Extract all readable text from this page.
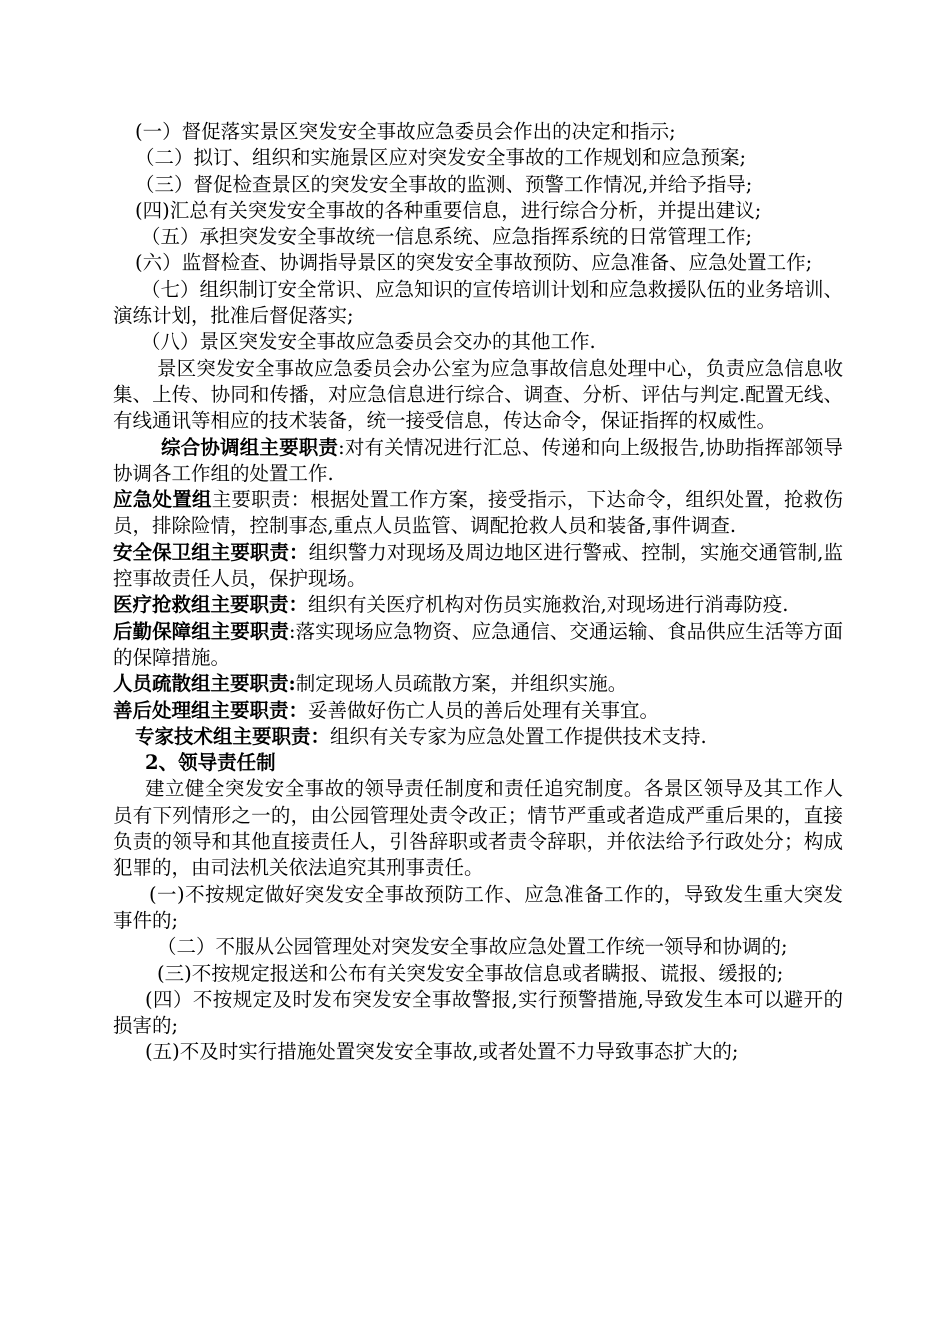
(一）督促落实景区突发安全事故应急委员会作出的决定和指示;

（二）拟订、组织和实施景区应对突发安全事故的工作规划和应急预案;

（三）督促检查景区的突发安全事故的监测、预警工作情况,并给予指导;

(四)汇总有关突发安全事故的各种重要信息，进行综合分析，并提出建议;

（五）承担突发安全事故统一信息系统、应急指挥系统的日常管理工作;

(六）监督检查、协调指导景区的突发安全事故预防、应急准备、应急处置工作;

（七）组织制订安全常识、应急知识的宣传培训计划和应急救援队伍的业务培训、演练计划，批准后督促落实;

（八）景区突发安全事故应急委员会交办的其他工作.

景区突发安全事故应急委员会办公室为应急事故信息处理中心，负责应急信息收集、上传、协同和传播，对应急信息进行综合、调查、分析、评估与判定.配置无线、有线通讯等相应的技术装备，统一接受信息，传达命令，保证指挥的权威性。

综合协调组主要职责:对有关情况进行汇总、传递和向上级报告,协助指挥部领导协调各工作组的处置工作.

应急处置组主要职责：根据处置工作方案，接受指示，下达命令，组织处置，抢救伤员，排除险情，控制事态,重点人员监管、调配抢救人员和装备,事件调查.

安全保卫组主要职责：组织警力对现场及周边地区进行警戒、控制，实施交通管制,监控事故责任人员，保护现场。

医疗抢救组主要职责：组织有关医疗机构对伤员实施救治,对现场进行消毒防疫.

后勤保障组主要职责:落实现场应急物资、应急通信、交通运输、食品供应生活等方面的保障措施。

人员疏散组主要职责:制定现场人员疏散方案，并组织实施。

善后处理组主要职责：妥善做好伤亡人员的善后处理有关事宜。

专家技术组主要职责：组织有关专家为应急处置工作提供技术支持.

2、领导责任制

建立健全突发安全事故的领导责任制度和责任追究制度。各景区领导及其工作人员有下列情形之一的，由公园管理处责令改正；情节严重或者造成严重后果的，直接负责的领导和其他直接责任人，引咎辞职或者责令辞职，并依法给予行政处分；构成犯罪的，由司法机关依法追究其刑事责任。

(一)不按规定做好突发安全事故预防工作、应急准备工作的，导致发生重大突发事件的;

（二）不服从公园管理处对突发安全事故应急处置工作统一领导和协调的;

(三)不按规定报送和公布有关突发安全事故信息或者瞒报、谎报、缓报的;

(四）不按规定及时发布突发安全事故警报,实行预警措施,导致发生本可以避开的损害的;

(五)不及时实行措施处置突发安全事故,或者处置不力导致事态扩大的;
